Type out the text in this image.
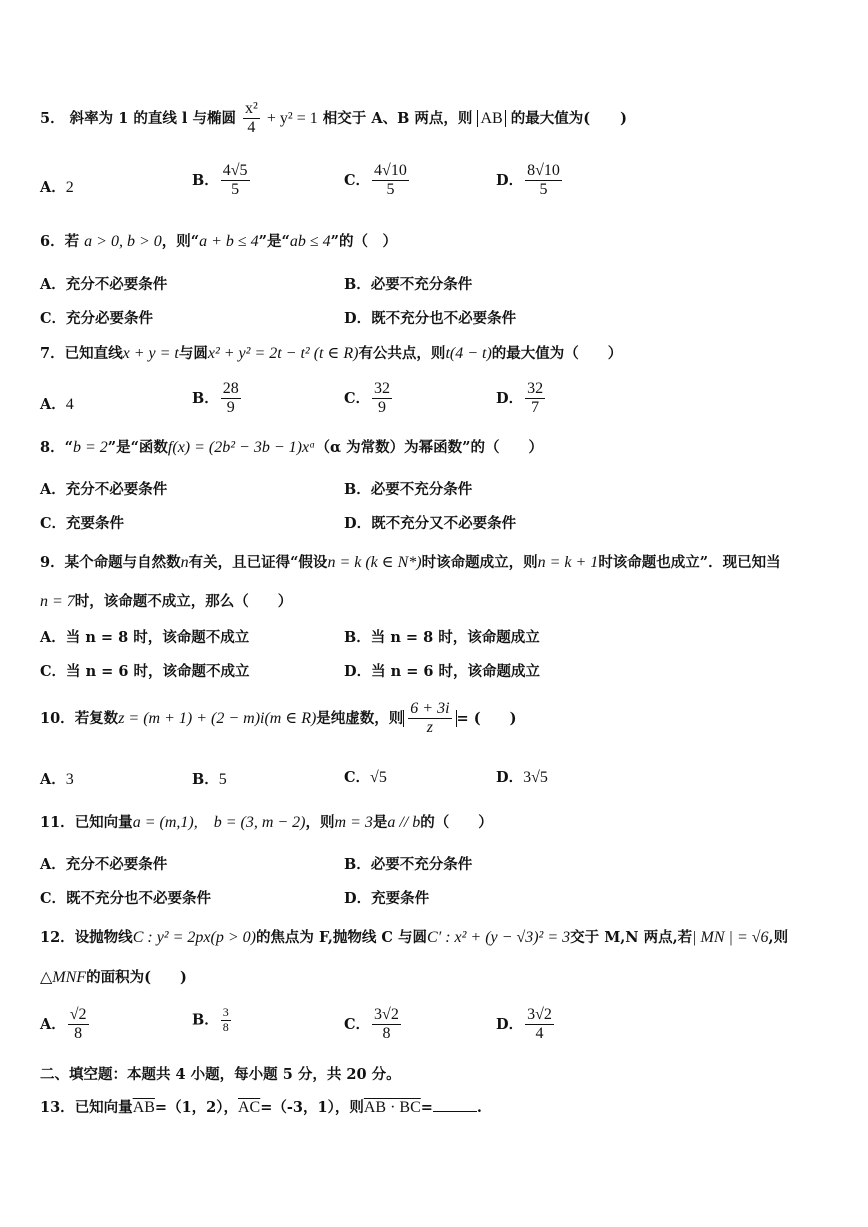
5． 斜率为 1 的直线 l 与椭圆 $\frac{\text{x²}}{4} + y^2 = 1$ 相交于 A、B 两点，则 AB 的最大值为( )
A．2	B． $\frac{4√5}{5}$	C． $\frac{4√10}{5}$	D． $\frac{8√10}{5}$
6．若 a > 0, b > 0，则“a + b ≤ 4”是“ab ≤ 4”的（　）
A．充分不必要条件	B．必要不充分条件
C．充分必要条件	D．既不充分也不必要条件
7．已知直线x + y = t与圆x² + y² = 2t − t² (t ∈ R)有公共点，则t(4 − t)的最大值为（　　）
A．4	B． $\frac{28}{9}$	C． $\frac{32}{9}$	D． $\frac{32}{7}$
8．“b = 2”是“函数f(x) = (2b² − 3b − 1)xᵅ（α 为常数）为幂函数”的（　　）
A．充分不必要条件	B．必要不充分条件
C．充要条件	D．既不充分又不必要条件
9．某个命题与自然数n有关，且已证得“假设n = k (k ∈ N*)时该命题成立，则n = k + 1时该命题也成立”．现已知当
n = 7时，该命题不成立，那么（　　）
A．当 n = 8 时，该命题不成立	B．当 n = 8 时，该命题成立
C．当 n = 6 时，该命题不成立	D．当 n = 6 时，该命题成立
10．若复数z = (m + 1) + (2 − m)i(m ∈ R)是纯虚数，则 $\frac{6 + 3i}{z}$ = (　　)
A．3	B．5	C．√5	D．3√5
11．已知向量a = (m,1),　b = (3, m − 2)，则m = 3是a // b的（　　）
A．充分不必要条件	B．必要不充分条件
C．既不充分也不必要条件	D．充要条件
12．设抛物线C : y² = 2px(p > 0)的焦点为 F,抛物线 C 与圆C′ : x² + (y − √3)² = 3交于 M,N 两点,若| MN | = √6,则
△MNF的面积为(　　)
A． $\frac{√2}{8}$	B． $\frac{3}{8}$	C． $\frac{3√2}{8}$	D． $\frac{3√2}{4}$
二、填空题：本题共 4 小题，每小题 5 分，共 20 分。
13．已知向量$\overline{AB}=(1$，2），$\overline{AC}=(-3$，1），则AB · BC=	.
